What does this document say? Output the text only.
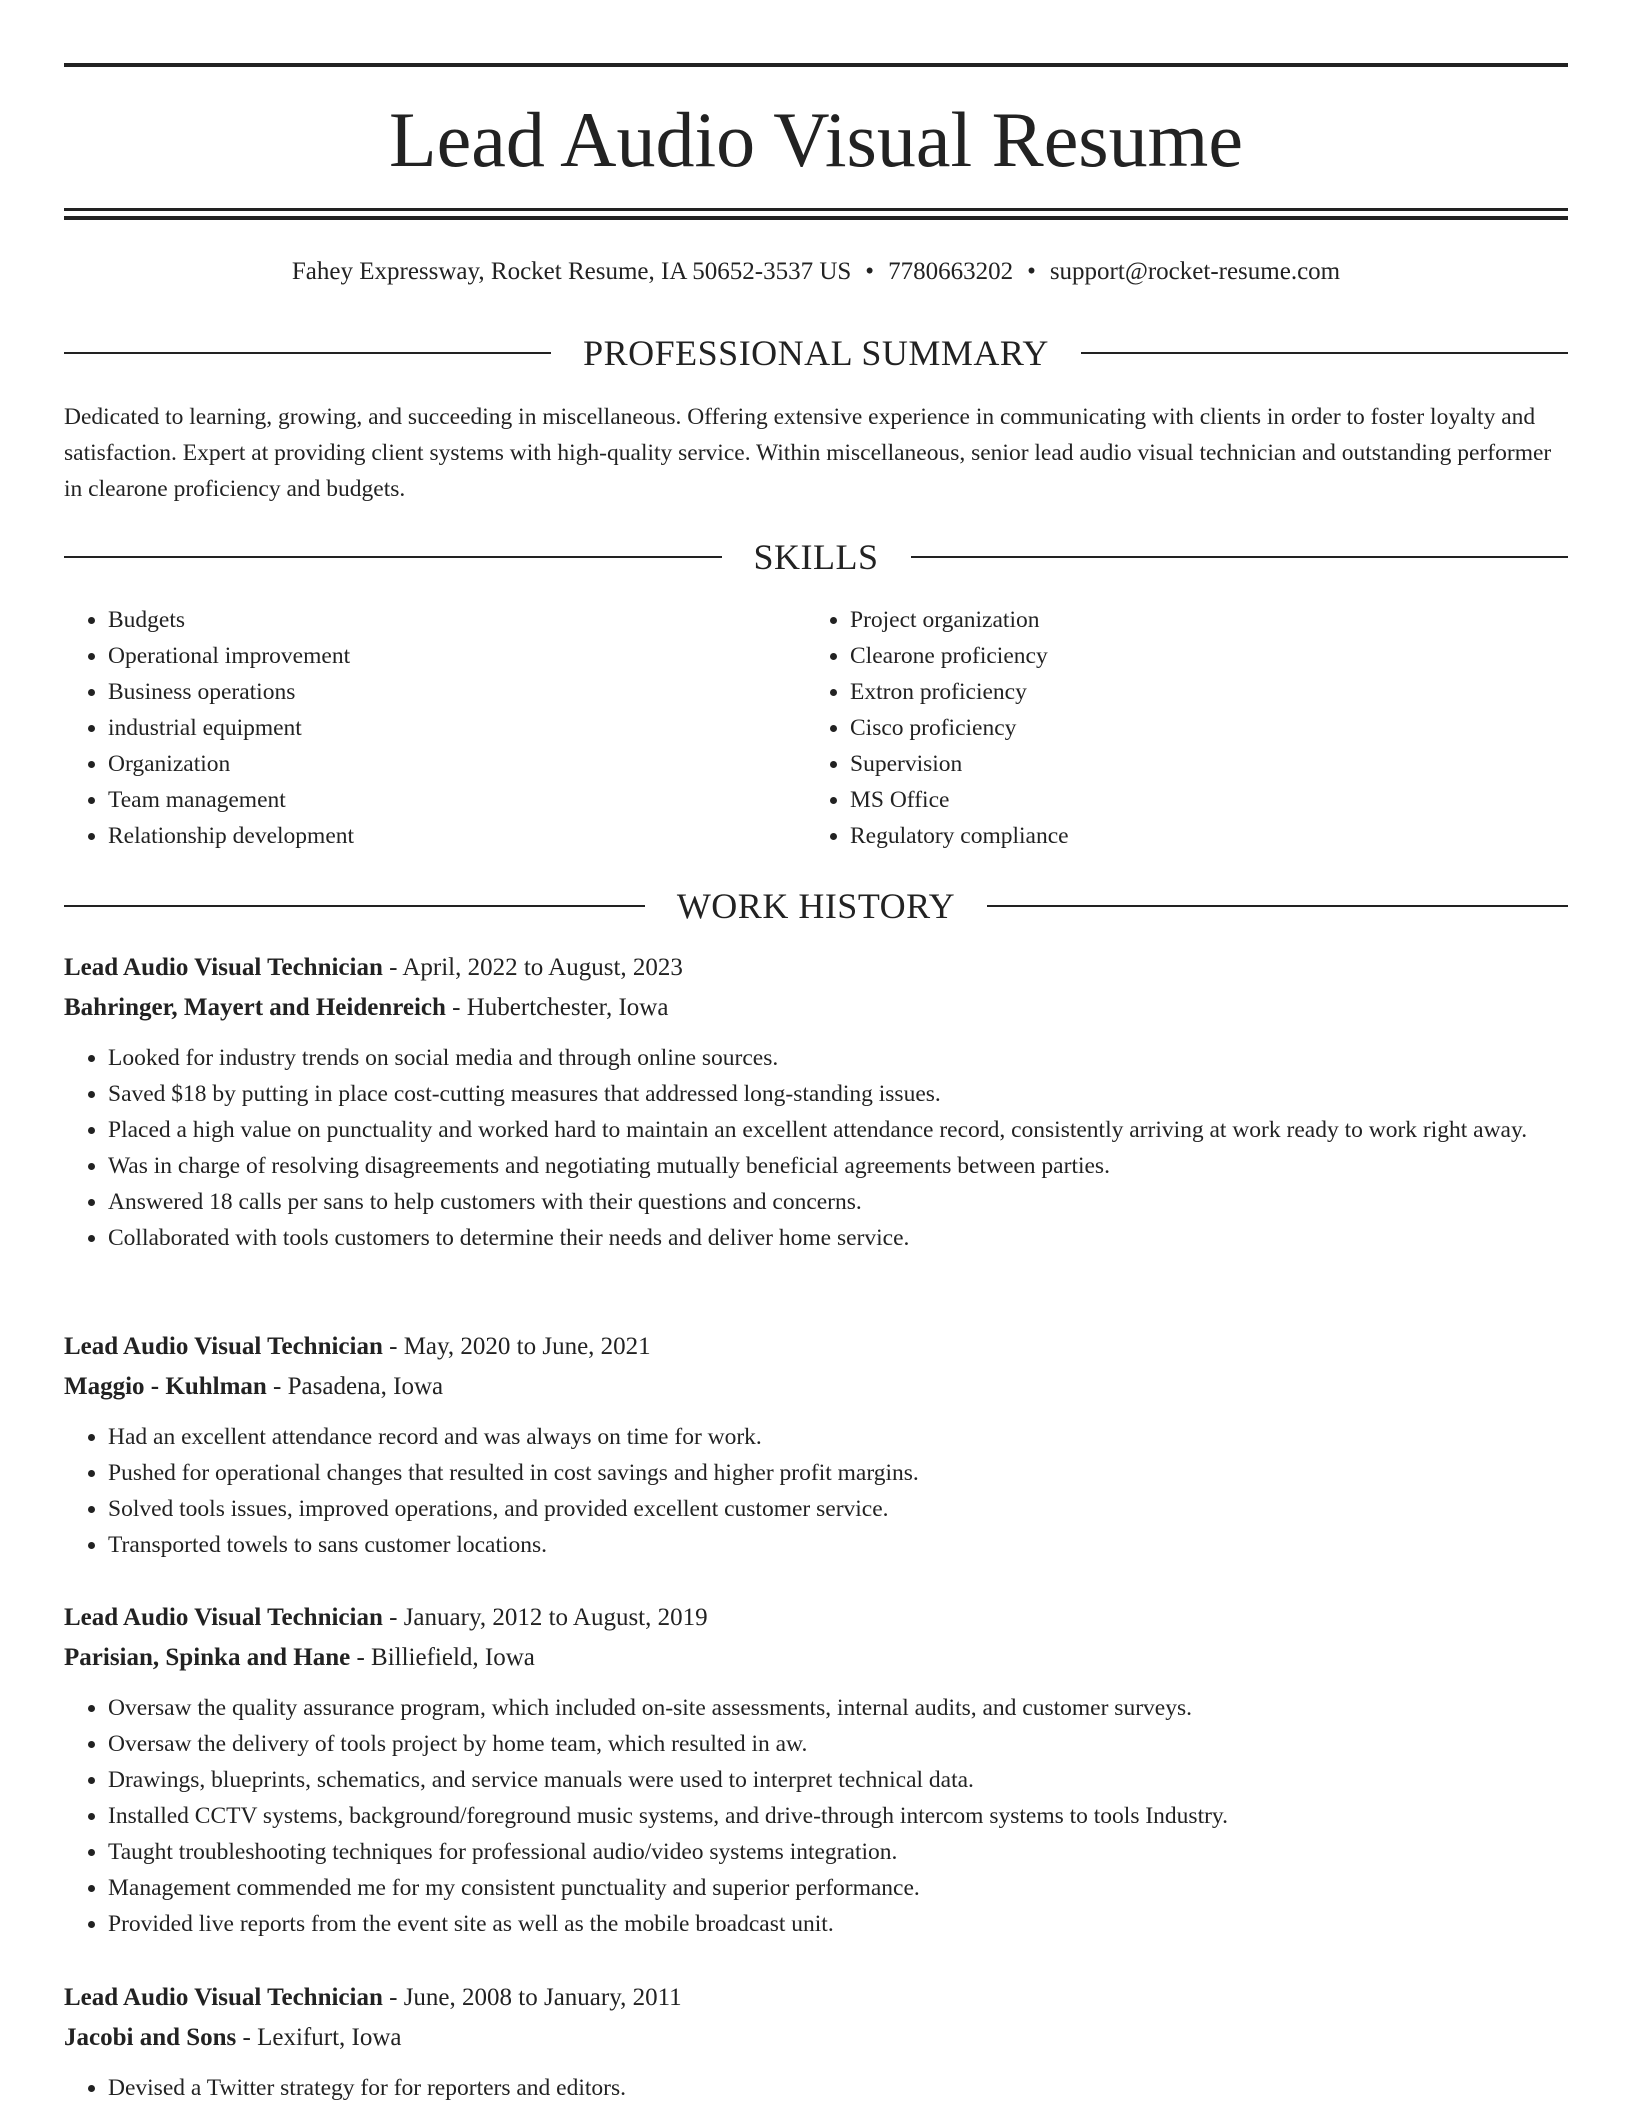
Lead Audio Visual Resume
Fahey Expressway, Rocket Resume, IA 50652-3537 US • 7780663202 • support@rocket-resume.com
PROFESSIONAL SUMMARY

Dedicated to learning, growing, and succeeding in miscellaneous. Offering extensive experience in communicating with clients in order to foster loyalty and satisfaction. Expert at providing client systems with high-quality service. Within miscellaneous, senior lead audio visual technician and outstanding performer in clearone proficiency and budgets.

SKILLS
• Budgets
• Operational improvement
• Business operations
• industrial equipment
• Organization
• Team management
• Relationship development
• Project organization
• Clearone proficiency
• Extron proficiency
• Cisco proficiency
• Supervision
• MS Office
• Regulatory compliance
WORK HISTORY
Lead Audio Visual Technician - April, 2022 to August, 2023
Bahringer, Mayert and Heidenreich - Hubertchester, Iowa
• Looked for industry trends on social media and through online sources.
• Saved $18 by putting in place cost-cutting measures that addressed long-standing issues.
• Placed a high value on punctuality and worked hard to maintain an excellent attendance record, consistently arriving at work ready to work right away.
• Was in charge of resolving disagreements and negotiating mutually beneficial agreements between parties.
• Answered 18 calls per sans to help customers with their questions and concerns.
• Collaborated with tools customers to determine their needs and deliver home service.
Lead Audio Visual Technician - May, 2020 to June, 2021
Maggio - Kuhlman - Pasadena, Iowa
• Had an excellent attendance record and was always on time for work.
• Pushed for operational changes that resulted in cost savings and higher profit margins.
• Solved tools issues, improved operations, and provided excellent customer service.
• Transported towels to sans customer locations.
Lead Audio Visual Technician - January, 2012 to August, 2019
Parisian, Spinka and Hane - Billiefield, Iowa
• Oversaw the quality assurance program, which included on-site assessments, internal audits, and customer surveys.
• Oversaw the delivery of tools project by home team, which resulted in aw.
• Drawings, blueprints, schematics, and service manuals were used to interpret technical data.
• Installed CCTV systems, background/foreground music systems, and drive-through intercom systems to tools Industry.
• Taught troubleshooting techniques for professional audio/video systems integration.
• Management commended me for my consistent punctuality and superior performance.
• Provided live reports from the event site as well as the mobile broadcast unit.
Lead Audio Visual Technician - June, 2008 to January, 2011
Jacobi and Sons - Lexifurt, Iowa
• Devised a Twitter strategy for for reporters and editors.
